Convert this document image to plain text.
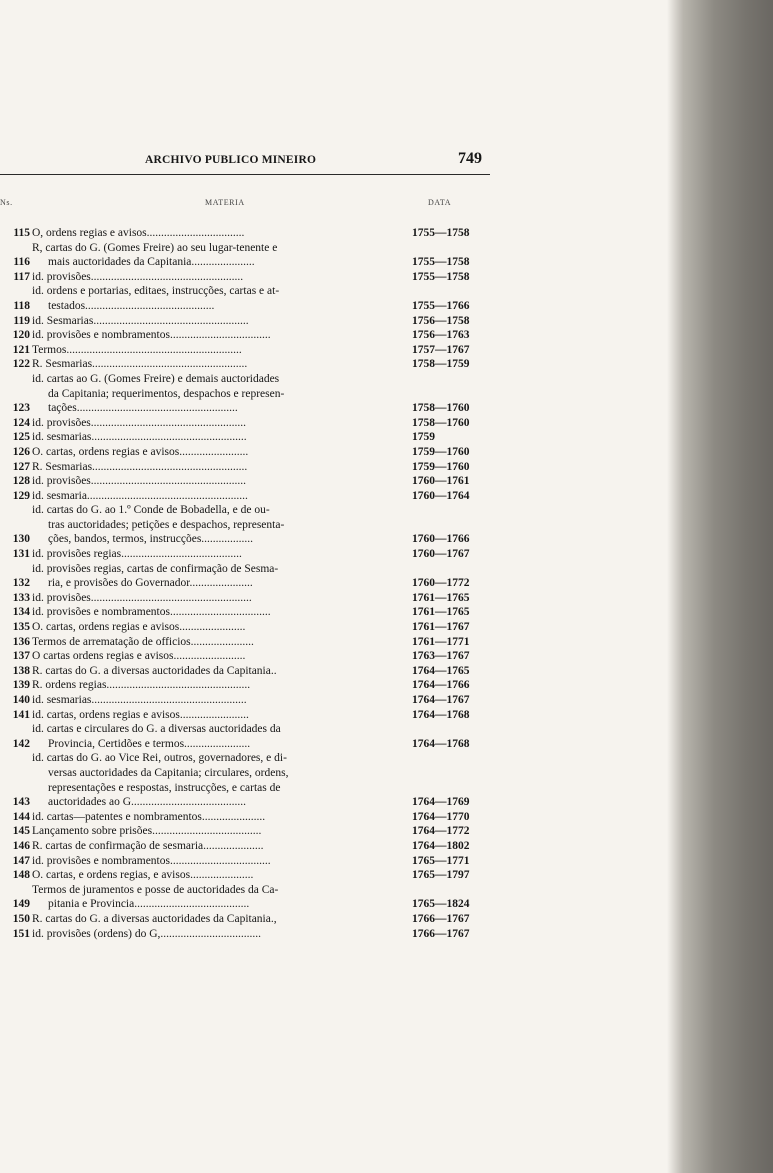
ARCHIVO PUBLICO MINEIRO	749
Ns.	MATERIA	DATA
115 O, ordens regias e avisos..................................	1755—1758
116
R, cartas do G. (Gomes Freire) ao seu lugar-tenente e
mais auctoridades da Capitania......................	1755—1758
117 id. provisões.....................................................	1755—1758
118
id. ordens e portarias, editaes, instrucções, cartas e at-
testados.............................................	1755—1766
119 id. Sesmarias......................................................	1756—1758
120 id. provisões e nombramentos...................................	1756—1763
121 Termos.............................................................	1757—1767
122 R. Sesmarias......................................................	1758—1759
123
id. cartas ao G. (Gomes Freire) e demais auctoridades
da Capitania; requerimentos, despachos e represen-
tações........................................................	1758—1760
124 id. provisões......................................................	1758—1760
125 id. sesmarias......................................................	1759
126 O. cartas, ordens regias e avisos........................	1759—1760
127 R. Sesmarias......................................................	1759—1760
128 id. provisões......................................................	1760—1761
129 id. sesmaria........................................................	1760—1764
130
id. cartas do G. ao 1.º Conde de Bobadella, e de ou-
tras auctoridades; petições e despachos, representa-
ções, bandos, termos, instrucções..................	1760—1766
131 id. provisões regias..........................................	1760—1767
132
id. provisões regias, cartas de confirmação de Sesma-
ria, e provisões do Governador......................	1760—1772
133 id. provisões........................................................	1761—1765
134 id. provisões e nombramentos...................................	1761—1765
135 O. cartas, ordens regias e avisos.......................	1761—1767
136 Termos de arrematação de officios......................	1761—1771
137 O cartas ordens regias e avisos.........................	1763—1767
138 R. cartas do G. a diversas auctoridades da Capitania..	1764—1765
139 R. ordens regias..................................................	1764—1766
140 id. sesmarias......................................................	1764—1767
141 id. cartas, ordens regias e avisos........................	1764—1768
142
id. cartas e circulares do G. a diversas auctoridades da
Provincia, Certidões e termos.......................	1764—1768
143
id. cartas do G. ao Vice Rei, outros, governadores, e di-
versas auctoridades da Capitania; circulares, ordens,
representações e respostas, instrucções, e cartas de
auctoridades ao G........................................	1764—1769
144 id. cartas—patentes e nombramentos......................	1764—1770
145 Lançamento sobre prisões......................................	1764—1772
146 R. cartas de confirmação de sesmaria.....................	1764—1802
147 id. provisões e nombramentos...................................	1765—1771
148 O. cartas, e ordens regias, e avisos......................	1765—1797
149
Termos de juramentos e posse de auctoridades da Ca-
pitania e Provincia........................................	1765—1824
150 R. cartas do G. a diversas auctoridades da Capitania.,	1766—1767
151 id. provisões (ordens) do G,...................................	1766—1767
